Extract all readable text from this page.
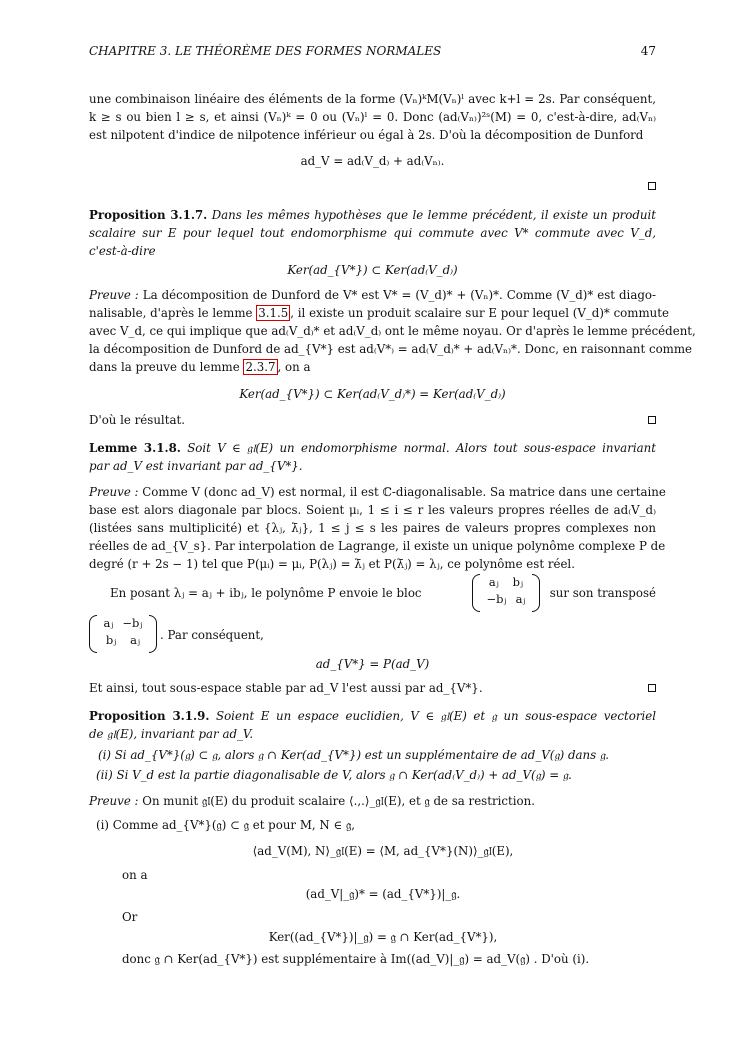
CHAPITRE 3. LE THÉORÈME DES FORMES NORMALES	47
une combinaison linéaire des éléments de la forme (Vₙ)ᵏM(Vₙ)ˡ avec k+l = 2s. Par conséquent,
k ≥ s ou bien l ≥ s, et ainsi (Vₙ)ᵏ = 0 ou (Vₙ)ˡ = 0. Donc (ad₍Vₙ₎)²ˢ(M) = 0, c'est-à-dire, ad₍Vₙ₎
est nilpotent d'indice de nilpotence inférieur ou égal à 2s. D'où la décomposition de Dunford
ad_V = ad₍V_d₎ + ad₍Vₙ₎.
Proposition 3.1.7. Dans les mêmes hypothèses que le lemme précédent, il existe un produit
scalaire sur E pour lequel tout endomorphisme qui commute avec V* commute avec V_d,
c'est-à-dire
Ker(ad_{V*}) ⊂ Ker(ad₍V_d₎)
Preuve : La décomposition de Dunford de V* est V* = (V_d)* + (Vₙ)*. Comme (V_d)* est diago-
nalisable, d'après le lemme 3.1.5 , il existe un produit scalaire sur E pour lequel (V_d)* commute
avec V_d, ce qui implique que ad₍V_d₎* et ad₍V_d₎ ont le même noyau. Or d'après le lemme précédent,
la décomposition de Dunford de ad_{V*} est ad₍V*₎ = ad₍V_d₎* + ad₍Vₙ₎*. Donc, en raisonnant comme
dans la preuve du lemme 2.3.7 , on a
Ker(ad_{V*}) ⊂ Ker(ad₍V_d₎*) = Ker(ad₍V_d₎)
D'où le résultat.
Lemme 3.1.8. Soit V ∈ 𝔤𝔩(E) un endomorphisme normal. Alors tout sous-espace invariant
par ad_V est invariant par ad_{V*}.
Preuve : Comme V (donc ad_V) est normal, il est ℂ-diagonalisable. Sa matrice dans une certaine
base est alors diagonale par blocs. Soient μᵢ, 1 ≤ i ≤ r les valeurs propres réelles de ad₍V_d₎
(listées sans multiplicité) et {λⱼ, λ̄ⱼ}, 1 ≤ j ≤ s les paires de valeurs propres complexes non
réelles de ad_{V_s}. Par interpolation de Lagrange, il existe un unique polynôme complexe P de
degré (r + 2s − 1) tel que P(μᵢ) = μᵢ, P(λⱼ) = λ̄ⱼ et P(λ̄ⱼ) = λⱼ, ce polynôme est réel.
En posant λⱼ = aⱼ + ibⱼ, le polynôme P envoie le bloc
aⱼ bⱼ
−bⱼ aⱼ	sur son transposé
aⱼ −bⱼ
bⱼ aⱼ . Par conséquent,
ad_{V*} = P(ad_V)
Et ainsi, tout sous-espace stable par ad_V l'est aussi par ad_{V*}.
Proposition 3.1.9. Soient E un espace euclidien, V ∈ 𝔤𝔩(E) et 𝔤 un sous-espace vectoriel
de 𝔤𝔩(E), invariant par ad_V.
(i) Si ad_{V*}(𝔤) ⊂ 𝔤, alors 𝔤 ∩ Ker(ad_{V*}) est un supplémentaire de ad_V(𝔤) dans 𝔤.
(ii) Si V_d est la partie diagonalisable de V, alors 𝔤 ∩ Ker(ad₍V_d₎) + ad_V(𝔤) = 𝔤.
Preuve : On munit 𝔤𝔩(E) du produit scalaire ⟨.,.⟩_𝔤𝔩(E), et 𝔤 de sa restriction.
(i) Comme ad_{V*}(𝔤) ⊂ 𝔤 et pour M, N ∈ 𝔤,
⟨ad_V(M), N⟩_𝔤𝔩(E) = ⟨M, ad_{V*}(N)⟩_𝔤𝔩(E),
on a
(ad_V|_𝔤)* = (ad_{V*})|_𝔤.
Or
Ker((ad_{V*})|_𝔤) = 𝔤 ∩ Ker(ad_{V*}),
donc 𝔤 ∩ Ker(ad_{V*}) est supplémentaire à Im((ad_V)|_𝔤) = ad_V(𝔤) . D'où (i).
